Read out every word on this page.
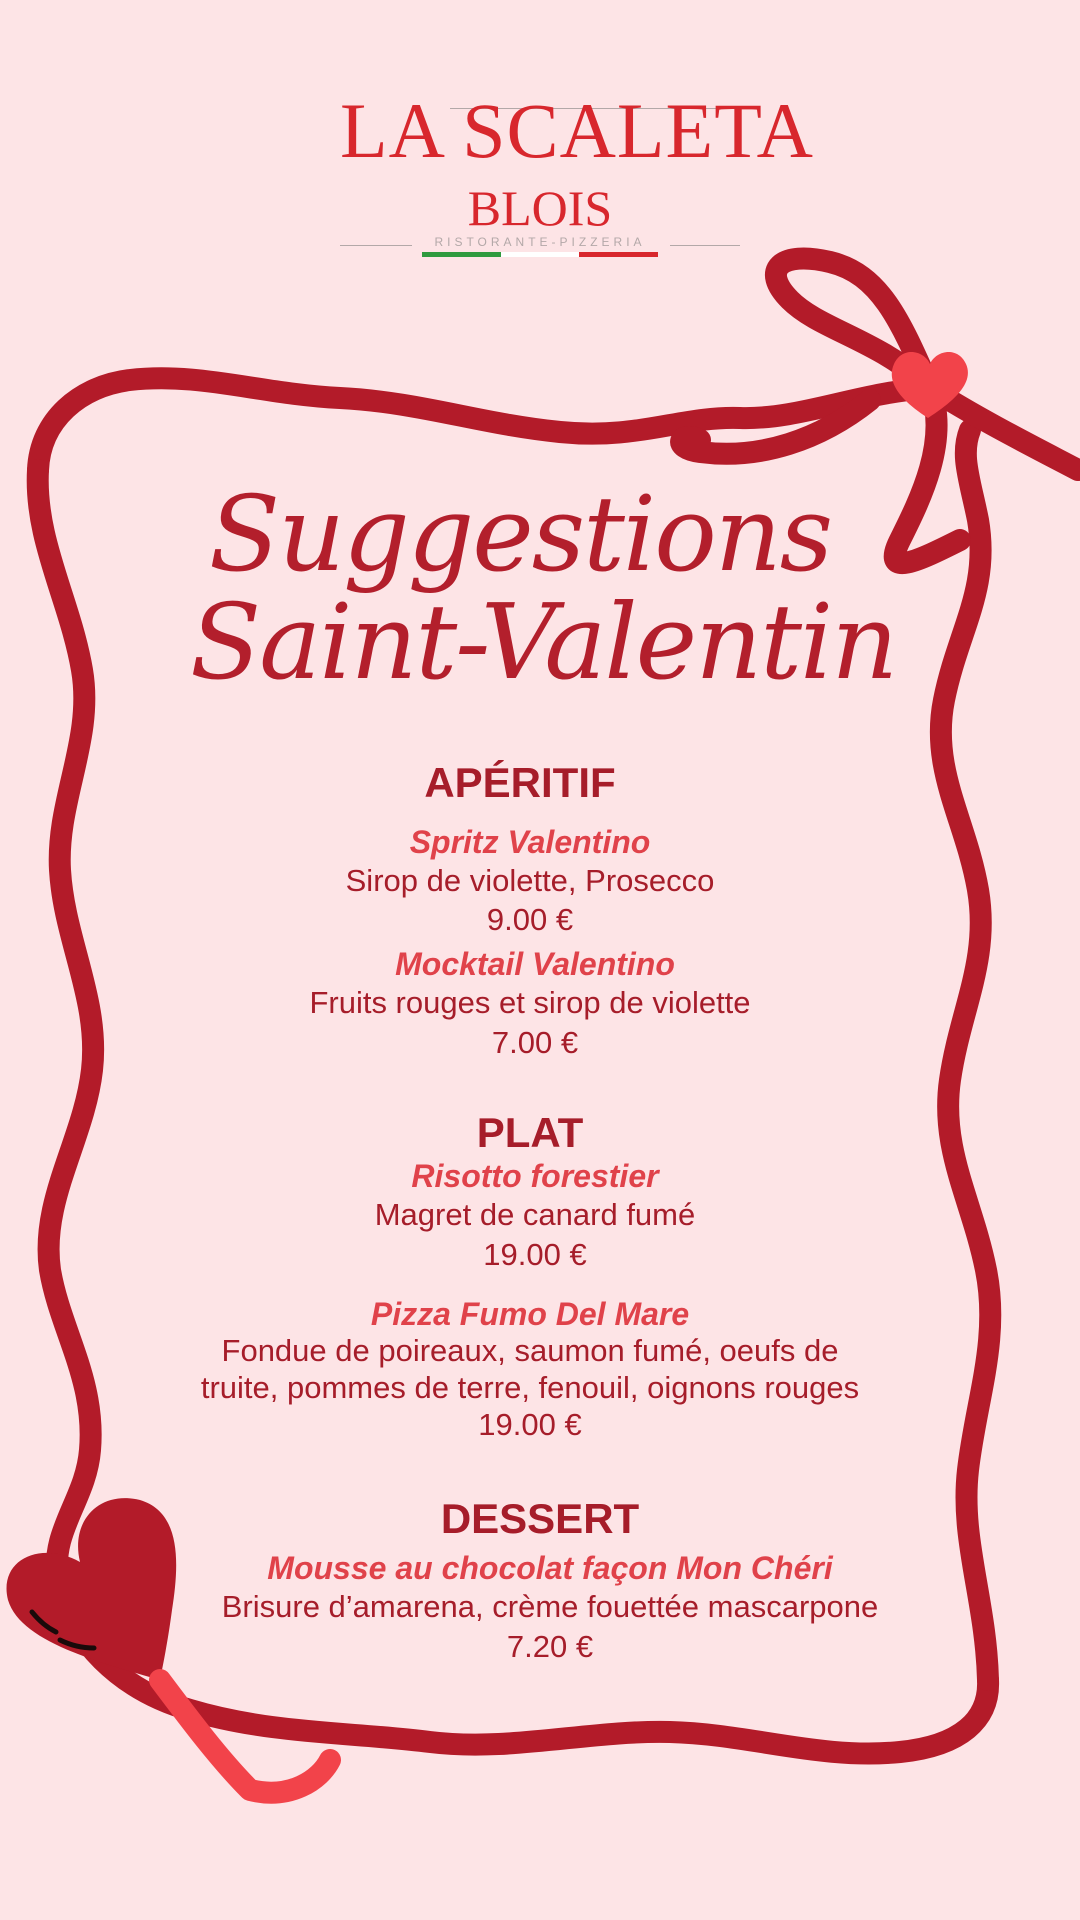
LA SCALETA
BLOIS
RISTORANTE-PIZZERIA
Suggestions
Saint-Valentin
APÉRITIF
Spritz Valentino
Sirop de violette, Prosecco
9.00 €
Mocktail Valentino
Fruits rouges et sirop de violette
7.00 €
PLAT
Risotto forestier
Magret de canard fumé
19.00 €
Pizza Fumo Del Mare
Fondue de poireaux, saumon fumé, oeufs de
truite, pommes de terre, fenouil, oignons rouges
19.00 €
DESSERT
Mousse au chocolat façon Mon Chéri
Brisure d’amarena, crème fouettée mascarpone
7.20 €
